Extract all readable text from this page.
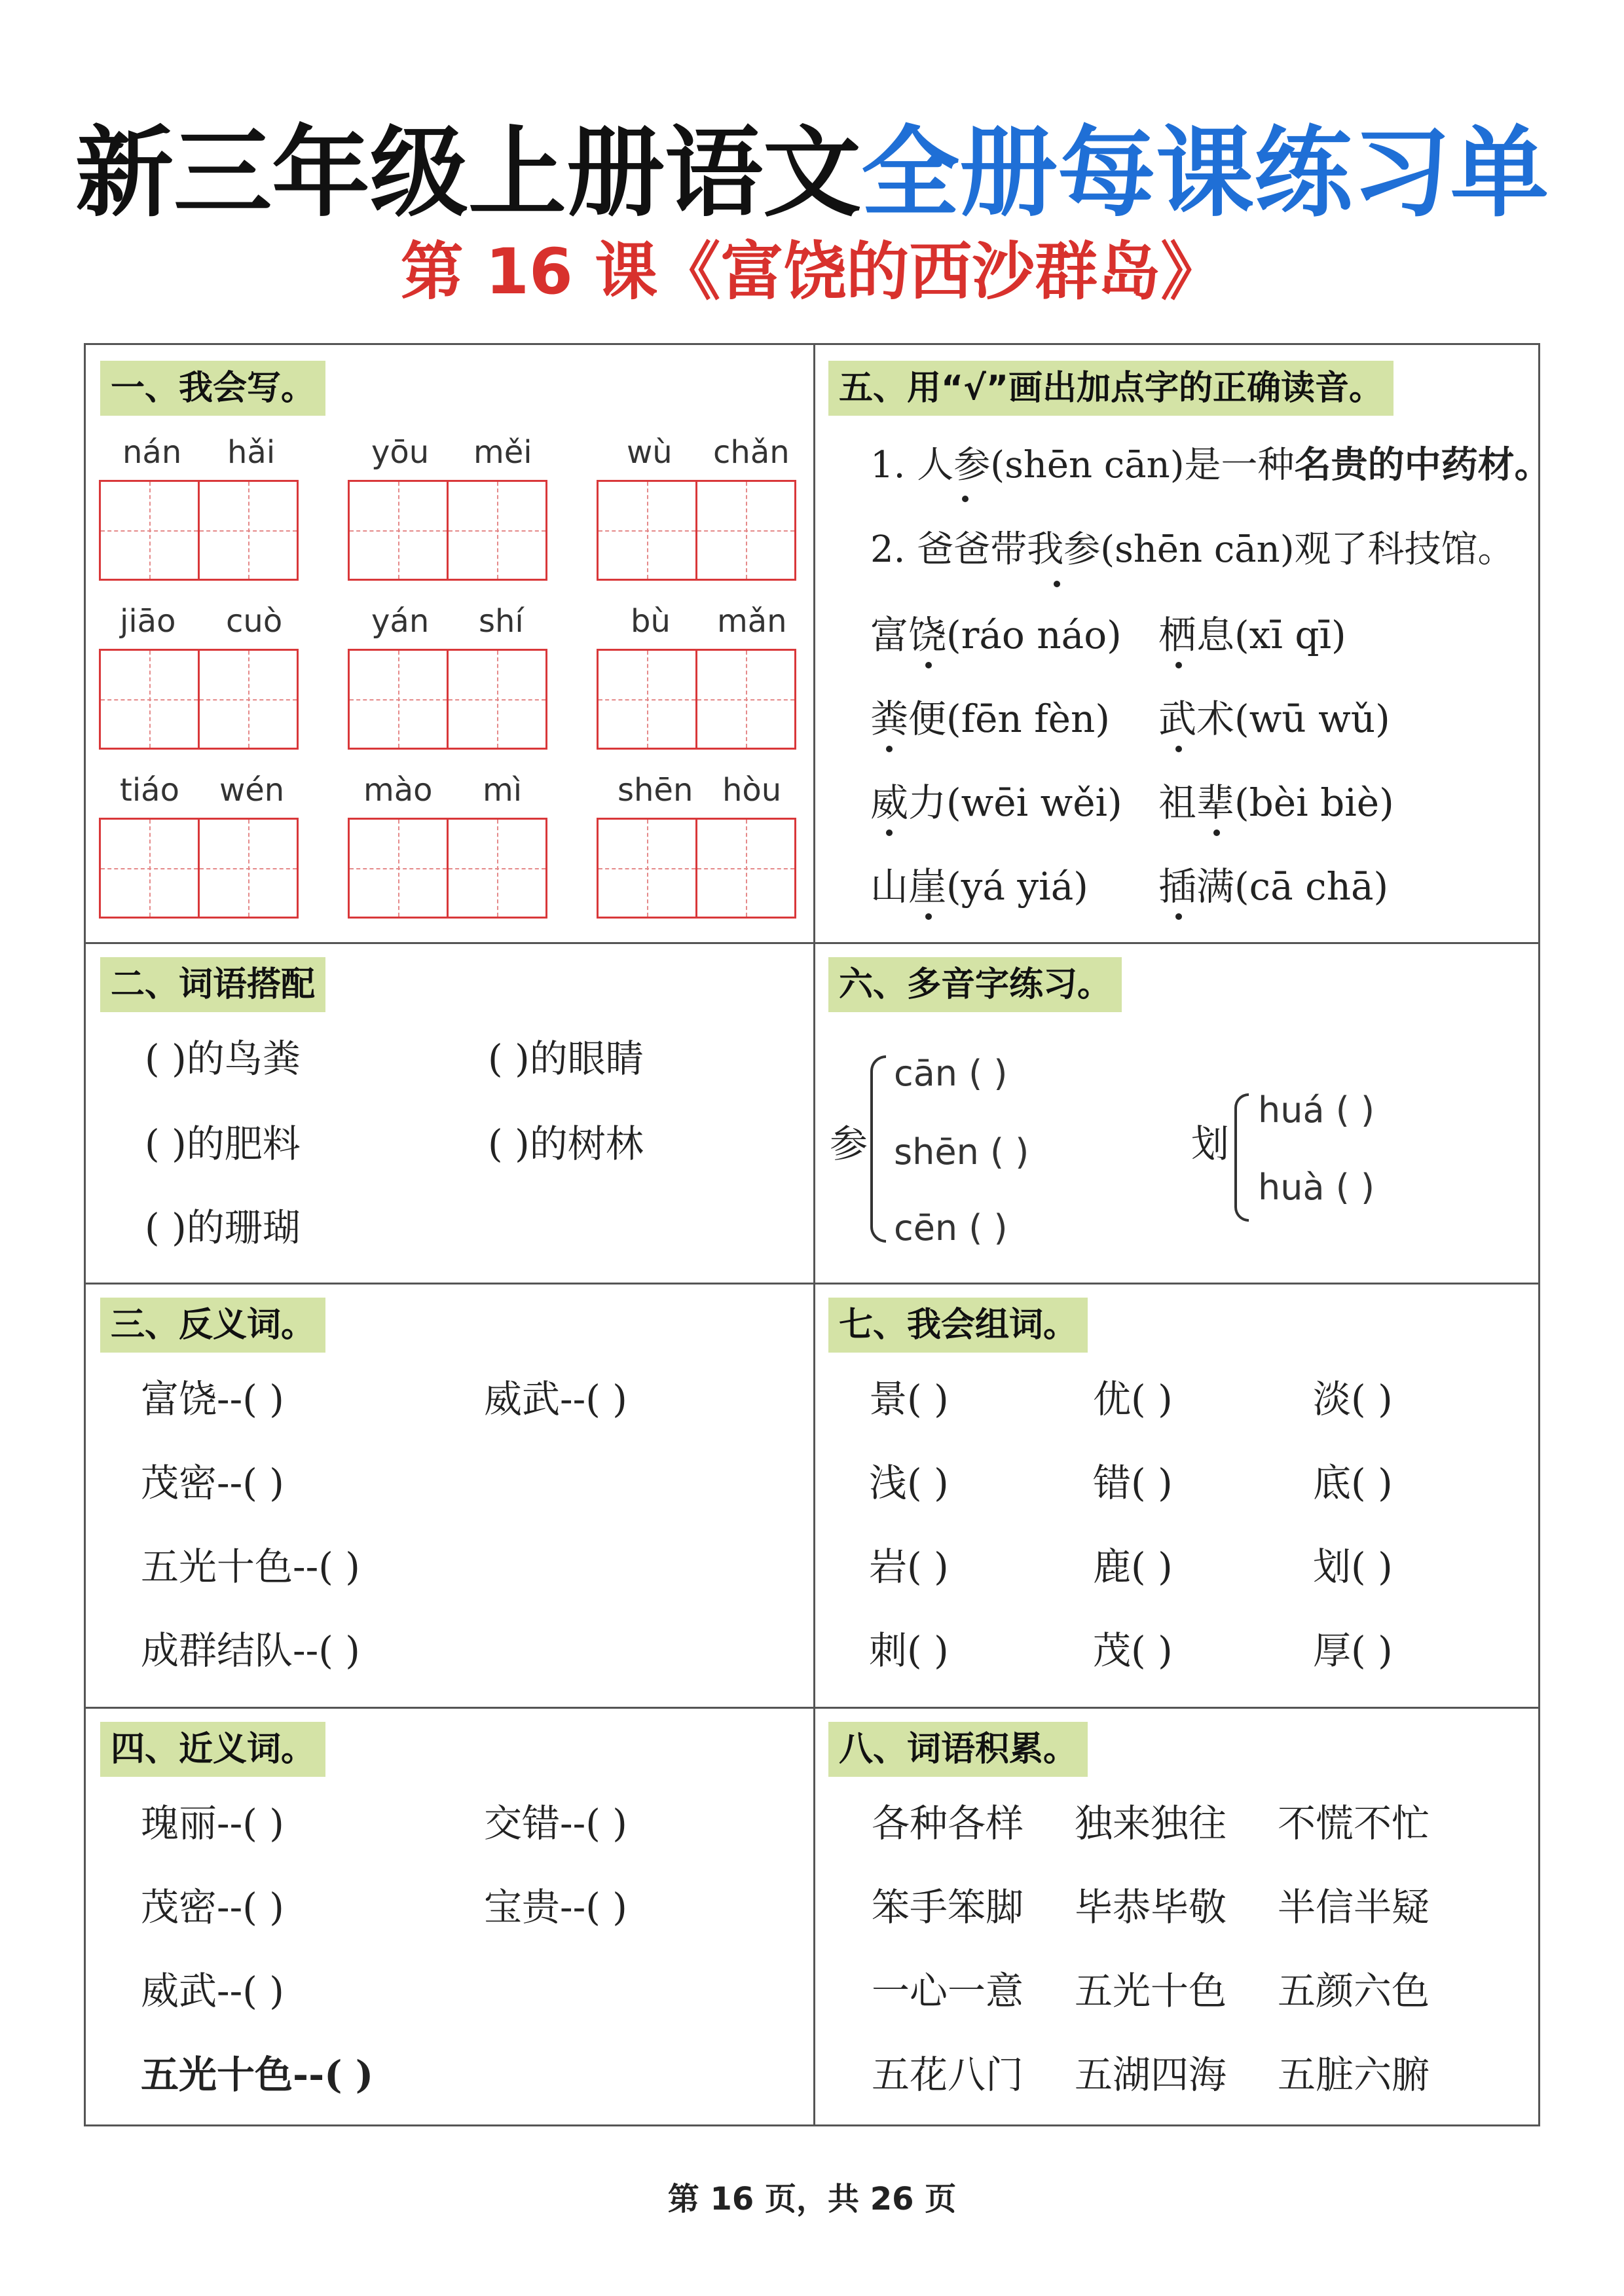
新三年级上册语文全册每课练习单
第 16 课《富饶的西沙群岛》
一、我会写。
nán hǎi	yōu měi	wù chǎn
jiāo cuò	yán shí	bù mǎn
tiáo wén	mào mì	shēn hòu
五、用“√”画出加点字的正确读音。
1. 人参(shēn cān)是一种名贵的中药材。
2. 爸爸带我参(shēn cān)观了科技馆。
富饶(ráo náo) 栖息(xī qī)
粪便(fēn fèn) 武术(wū wǔ)
威力(wēi wěi) 祖辈(bèi biè)
山崖(yá yiá) 插满(cā chā)
二、词语搭配
( )的鸟粪	( )的眼睛
( )的肥料	( )的树林
( )的珊瑚
六、多音字练习。
参
cān ( )
shēn ( )
cēn ( )
划
huá ( )
huà ( )
三、反义词。
富饶--( )	威武--( )
茂密--( )
五光十色--( )
成群结队--( )
七、我会组词。
景( )	优( )	淡( )
浅( )	错( )	底( )
岩( )	鹿( )	划( )
刺( )	茂( )	厚( )
四、近义词。
瑰丽--( )	交错--( )
茂密--( )	宝贵--( )
威武--( )
五光十色--( )
八、词语积累。
各种各样 独来独往 不慌不忙
笨手笨脚 毕恭毕敬 半信半疑
一心一意 五光十色 五颜六色
五花八门 五湖四海 五脏六腑
第 16 页，共 26 页
